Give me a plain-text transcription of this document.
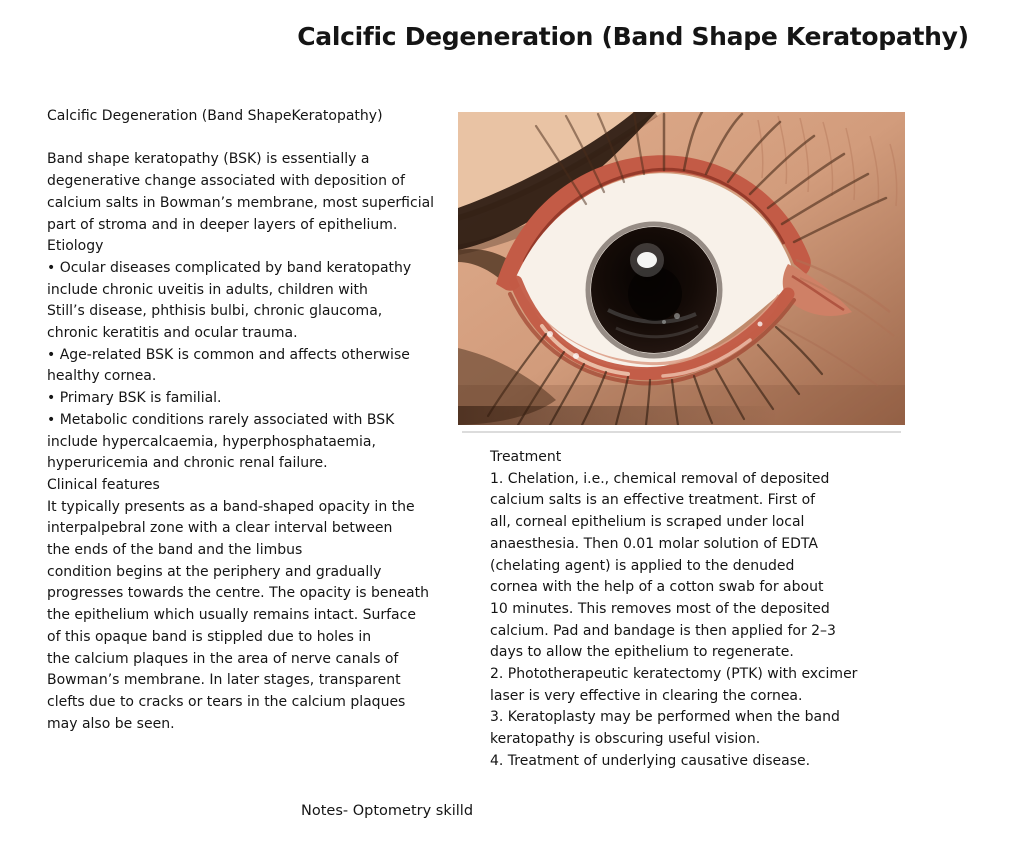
Calcific Degeneration (Band Shape Keratopathy)
Calcific Degeneration (Band ShapeKeratopathy)
Band shape keratopathy (BSK) is essentially a
degenerative change associated with deposition of
calcium salts in Bowman’s membrane, most superficial
part of stroma and in deeper layers of epithelium.
Etiology
• Ocular diseases complicated by band keratopathy
include chronic uveitis in adults, children with
Still’s disease, phthisis bulbi, chronic glaucoma,
chronic keratitis and ocular trauma.
• Age-related BSK is common and affects otherwise
healthy cornea.
• Primary BSK is familial.
• Metabolic conditions rarely associated with BSK
include hypercalcaemia, hyperphosphataemia,
hyperuricemia and chronic renal failure.
Clinical features
It typically presents as a band-shaped opacity in the
interpalpebral zone with a clear interval between
the ends of the band and the limbus
condition begins at the periphery and gradually
progresses towards the centre. The opacity is beneath
the epithelium which usually remains intact. Surface
of this opaque band is stippled due to holes in
the calcium plaques in the area of nerve canals of
Bowman’s membrane. In later stages, transparent
clefts due to cracks or tears in the calcium plaques
may also be seen.
Treatment
1. Chelation, i.e., chemical removal of deposited
calcium salts is an effective treatment. First of
all, corneal epithelium is scraped under local
anaesthesia. Then 0.01 molar solution of EDTA
(chelating agent) is applied to the denuded
cornea with the help of a cotton swab for about
10 minutes. This removes most of the deposited
calcium. Pad and bandage is then applied for 2–3
days to allow the epithelium to regenerate.
2. Phototherapeutic keratectomy (PTK) with excimer
laser is very effective in clearing the cornea.
3. Keratoplasty may be performed when the band
keratopathy is obscuring useful vision.
4. Treatment of underlying causative disease.
Notes- Optometry skilld
